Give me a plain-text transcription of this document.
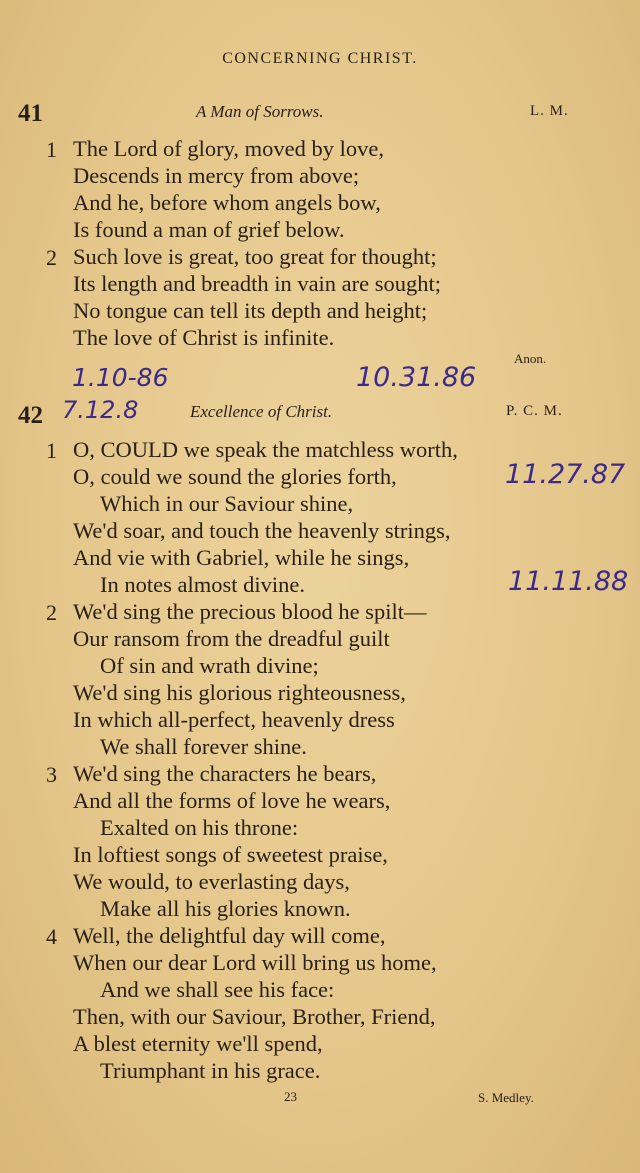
CONCERNING CHRIST.
41	A Man of Sorrows.	L. M.
1 The Lord of glory, moved by love,
Descends in mercy from above;
And he, before whom angels bow,
Is found a man of grief below.
2 Such love is great, too great for thought;
Its length and breadth in vain are sought;
No tongue can tell its depth and height;
The love of Christ is infinite.
Anon.
1.10-86	10.31.86
42 7.12.8	Excellence of Christ.	P. C. M.
1 O, COULD we speak the matchless worth,
O, could we sound the glories forth,	11.27.87
Which in our Saviour shine,
We'd soar, and touch the heavenly strings,
And vie with Gabriel, while he sings,
In notes almost divine.	11.11.88
2 We'd sing the precious blood he spilt—
Our ransom from the dreadful guilt
Of sin and wrath divine;
We'd sing his glorious righteousness,
In which all-perfect, heavenly dress
We shall forever shine.
3 We'd sing the characters he bears,
And all the forms of love he wears,
Exalted on his throne:
In loftiest songs of sweetest praise,
We would, to everlasting days,
Make all his glories known.
4 Well, the delightful day will come,
When our dear Lord will bring us home,
And we shall see his face:
Then, with our Saviour, Brother, Friend,
A blest eternity we'll spend,
Triumphant in his grace.
23	S. Medley.
